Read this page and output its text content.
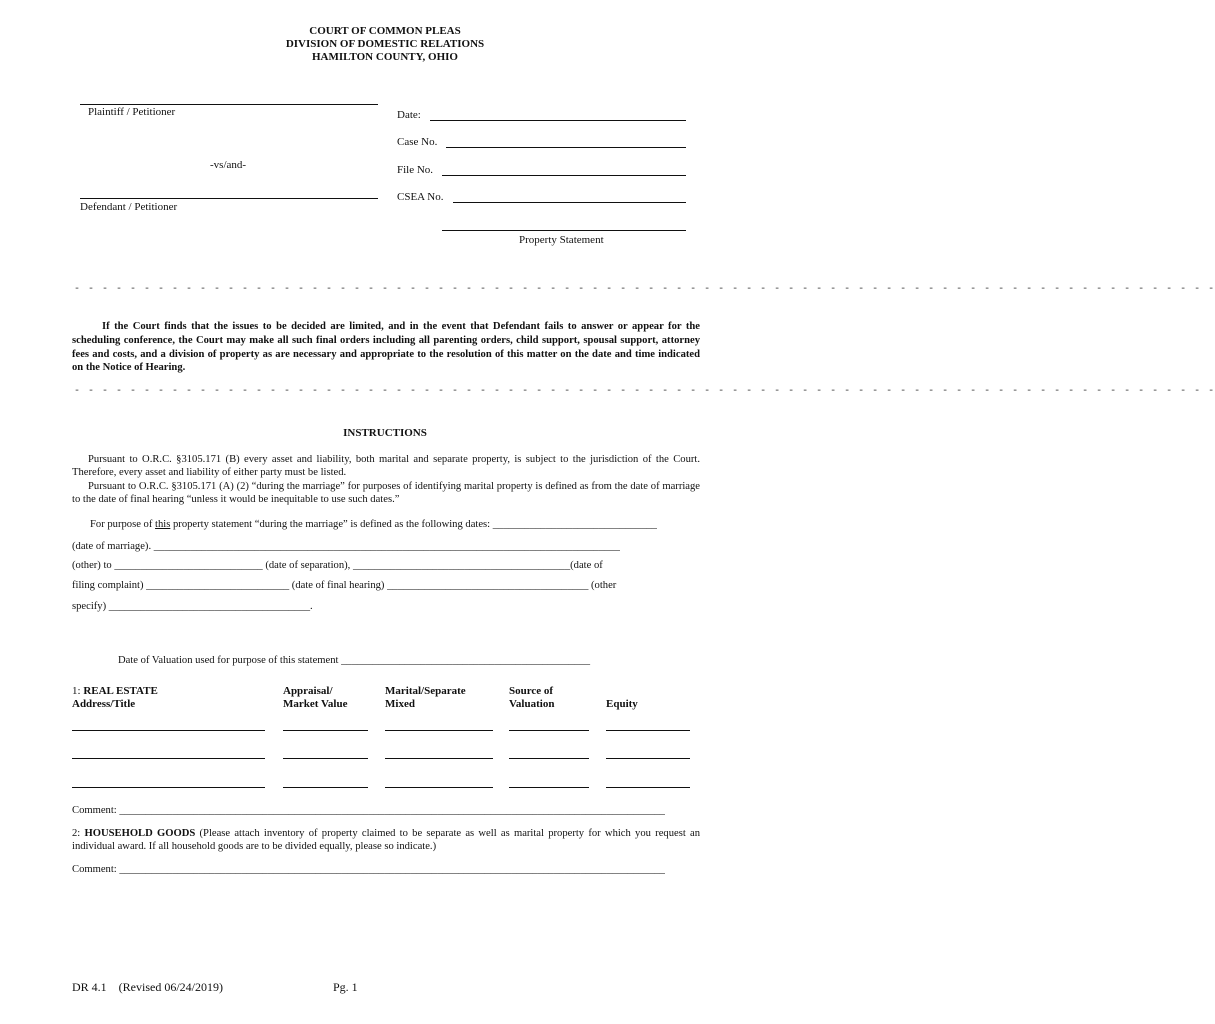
COURT OF COMMON PLEAS
DIVISION OF DOMESTIC RELATIONS
HAMILTON COUNTY, OHIO
Plaintiff / Petitioner
-vs/and-
Defendant / Petitioner
Date:
Case No.
File No.
CSEA No.
Property Statement
- - - - - - - - - - - - - - - - - - - - - - - - - - - - - - - - - - - - - - - - - - - - - - - - - - - - - - - - - - - - - - - - - - - - - - - - - - - - - - - - - -
If the Court finds that the issues to be decided are limited, and in the event that Defendant fails to answer or appear for the scheduling conference, the Court may make all such final orders including all parenting orders, child support, spousal support, attorney fees and costs, and a division of property as are necessary and appropriate to the resolution of this matter on the date and time indicated on the Notice of Hearing.
- - - - - - - - - - - - - - - - - - - - - - - - - - - - - - - - - - - - - - - - - - - - - - - - - - - - - - - - - - - - - - - - - - - - - - - - - - - - - - - - - -
INSTRUCTIONS
Pursuant to O.R.C. §3105.171 (B) every asset and liability, both marital and separate property, is subject to the jurisdiction of the Court. Therefore, every asset and liability of either party must be listed.
Pursuant to O.R.C. §3105.171 (A) (2) “during the marriage” for purposes of identifying marital property is defined as from the date of marriage to the date of final hearing “unless it would be inequitable to use such dates.”
For purpose of this property statement “during the marriage” is defined as the following dates: _______________________________
(date of marriage). ________________________________________________________________________________________
(other) to ____________________________ (date of separation), _________________________________________(date of
filing complaint) ___________________________ (date of final hearing) ______________________________________ (other
specify) ______________________________________.
Date of Valuation used for purpose of this statement _______________________________________________
1: REAL ESTATE
Address/Title
Appraisal/
Market Value
Marital/Separate
Mixed
Source of
Valuation	Equity
Comment: _______________________________________________________________________________________________________
2: HOUSEHOLD GOODS (Please attach inventory of property claimed to be separate as well as marital property for which you request an individual award. If all household goods are to be divided equally, please so indicate.)
Comment: _______________________________________________________________________________________________________
DR 4.1    (Revised 06/24/2019)	Pg. 1
